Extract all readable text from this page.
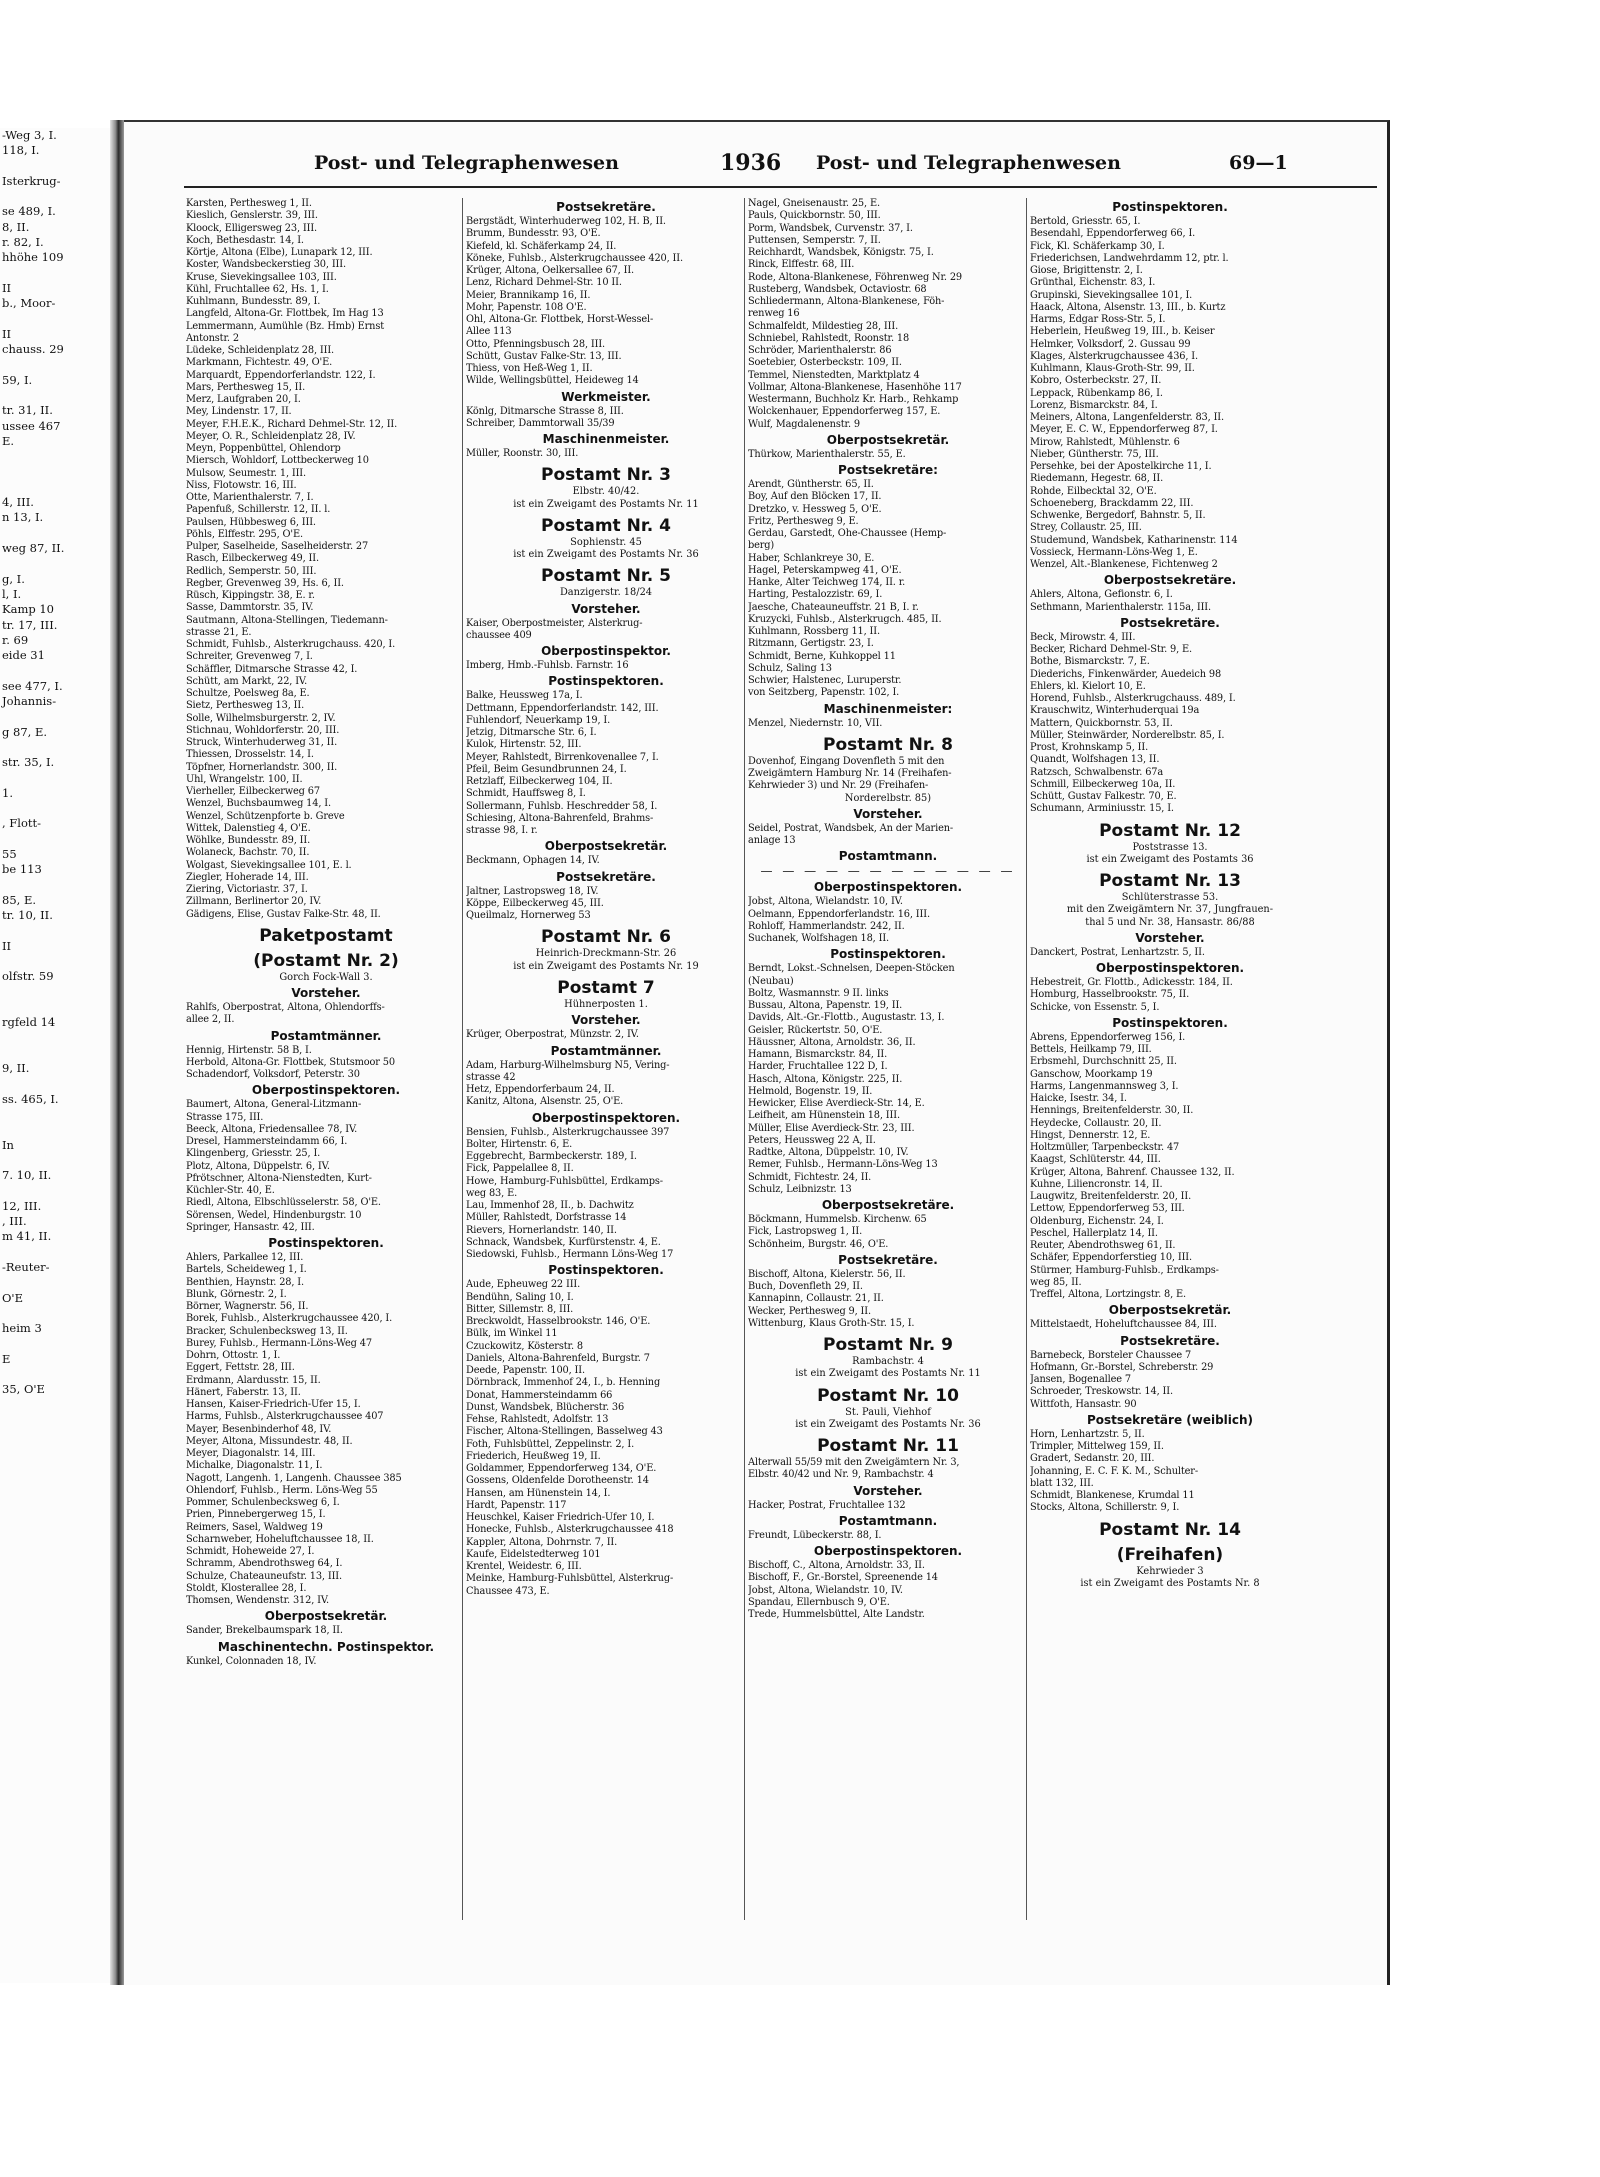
-Weg 3, I.

118, I.

Isterkrug-

se 489, I.

8, II.

r. 82, I.

hhöhe 109

II

b., Moor-

II

chauss. 29

59, I.

tr. 31, II.

ussee 467

E.

4, III.

n 13, I.

weg 87, II.

g, I.

l, I.

Kamp 10

tr. 17, III.

r. 69

eide 31

see 477, I.

Johannis-

g 87, E.

str. 35, I.

1.

, Flott-

55

be 113

85, E.

tr. 10, II.

II

olfstr. 59

rgfeld 14

9, II.

ss. 465, I.

In

7. 10, II.

12, III.

, III.

m 41, II.

-Reuter-

O'E

heim 3

E

35, O'E

Post- und Telegraphenwesen	1936 Post- und Telegraphenwesen	69—1

Karsten, Perthesweg 1, II.

Kieslich, Genslerstr. 39, III.

Kloock, Elligersweg 23, III.

Koch, Bethesdastr. 14, I.

Körtje, Altona (Elbe), Lunapark 12, III.

Koster, Wandsbeckerstieg 30, III.

Kruse, Sievekingsallee 103, III.

Kühl, Fruchtallee 62, Hs. 1, I.

Kuhlmann, Bundesstr. 89, I.

Langfeld, Altona-Gr. Flottbek, Im Hag 13

Lemmermann, Aumühle (Bz. Hmb) Ernst

Antonstr. 2

Lüdeke, Schleidenplatz 28, III.

Markmann, Fichtestr. 49, O'E.

Marquardt, Eppendorferlandstr. 122, I.

Mars, Perthesweg 15, II.

Merz, Laufgraben 20, I.

Mey, Lindenstr. 17, II.

Meyer, F.H.E.K., Richard Dehmel-Str. 12, II.

Meyer, O. R., Schleidenplatz 28, IV.

Meyn, Poppenbüttel, Ohlendorp

Miersch, Wohldorf, Lottbeckerweg 10

Mulsow, Seumestr. 1, III.

Niss, Flotowstr. 16, III.

Otte, Marienthalerstr. 7, I.

Papenfuß, Schillerstr. 12, II. l.

Paulsen, Hübbesweg 6, III.

Pöhls, Elffestr. 295, O'E.

Pulper, Saselheide, Saselheiderstr. 27

Rasch, Eilbeckerweg 49, II.

Redlich, Semperstr. 50, III.

Regber, Grevenweg 39, Hs. 6, II.

Rüsch, Kippingstr. 38, E. r.

Sasse, Dammtorstr. 35, IV.

Sautmann, Altona-Stellingen, Tiedemann-

strasse 21, E.

Schmidt, Fuhlsb., Alsterkrugchauss. 420, I.

Schreiter, Grevenweg 7, I.

Schäffler, Ditmarsche Strasse 42, I.

Schütt, am Markt, 22, IV.

Schultze, Poelsweg 8a, E.

Sietz, Perthesweg 13, II.

Solle, Wilhelmsburgerstr. 2, IV.

Stichnau, Wohldorferstr. 20, III.

Struck, Winterhuderweg 31, II.

Thiessen, Drosselstr. 14, I.

Töpfner, Hornerlandstr. 300, II.

Uhl, Wrangelstr. 100, II.

Vierheller, Eilbeckerweg 67

Wenzel, Buchsbaumweg 14, I.

Wenzel, Schützenpforte b. Greve

Wittek, Dalenstieg 4, O'E.

Wöhlke, Bundesstr. 89, II.

Wolaneck, Bachstr. 70, II.

Wolgast, Sievekingsallee 101, E. l.

Ziegler, Hoherade 14, III.

Ziering, Victoriastr. 37, I.

Zillmann, Berlinertor 20, IV.

Gädigens, Elise, Gustav Falke-Str. 48, II.

Paketpostamt

(Postamt Nr. 2)

Gorch Fock-Wall 3.

Vorsteher.

Rahlfs, Oberpostrat, Altona, Ohlendorffs-

allee 2, II.

Postamtmänner.

Hennig, Hirtenstr. 58 B, I.

Herbold, Altona-Gr. Flottbek, Stutsmoor 50

Schadendorf, Volksdorf, Peterstr. 30

Oberpostinspektoren.

Baumert, Altona, General-Litzmann-

Strasse 175, III.

Beeck, Altona, Friedensallee 78, IV.

Dresel, Hammersteindamm 66, I.

Klingenberg, Griesstr. 25, I.

Plotz, Altona, Düppelstr. 6, IV.

Pfrötschner, Altona-Nienstedten, Kurt-

Küchler-Str. 40, E.

Riedl, Altona, Elbschlüsselerstr. 58, O'E.

Sörensen, Wedel, Hindenburgstr. 10

Springer, Hansastr. 42, III.

Postinspektoren.

Ahlers, Parkallee 12, III.

Bartels, Scheideweg 1, I.

Benthien, Haynstr. 28, I.

Blunk, Görnestr. 2, I.

Börner, Wagnerstr. 56, II.

Borek, Fuhlsb., Alsterkrugchaussee 420, I.

Bracker, Schulenbecksweg 13, II.

Burey, Fuhlsb., Hermann-Löns-Weg 47

Dohrn, Ottostr. 1, I.

Eggert, Fettstr. 28, III.

Erdmann, Alardusstr. 15, II.

Hänert, Faberstr. 13, II.

Hansen, Kaiser-Friedrich-Ufer 15, I.

Harms, Fuhlsb., Alsterkrugchaussee 407

Mayer, Besenbinderhof 48, IV.

Meyer, Altona, Missundestr. 48, II.

Meyer, Diagonalstr. 14, III.

Michalke, Diagonalstr. 11, I.

Nagott, Langenh. 1, Langenh. Chaussee 385

Ohlendorf, Fuhlsb., Herm. Löns-Weg 55

Pommer, Schulenbecksweg 6, I.

Prien, Pinnebergerweg 15, I.

Reimers, Sasel, Waldweg 19

Scharnweber, Hoheluftchaussee 18, II.

Schmidt, Hoheweide 27, I.

Schramm, Abendrothsweg 64, I.

Schulze, Chateauneufstr. 13, III.

Stoldt, Klosterallee 28, I.

Thomsen, Wendenstr. 312, IV.

Oberpostsekretär.

Sander, Brekelbaumspark 18, II.

Maschinentechn. Postinspektor.

Kunkel, Colonnaden 18, IV.

Postsekretäre.

Bergstädt, Winterhuderweg 102, H. B, II.

Brumm, Bundesstr. 93, O'E.

Kiefeld, kl. Schäferkamp 24, II.

Köneke, Fuhlsb., Alsterkrugchaussee 420, II.

Krüger, Altona, Oelkersallee 67, II.

Lenz, Richard Dehmel-Str. 10 II.

Meier, Brannikamp 16, II.

Mohr, Papenstr. 108 O'E.

Ohl, Altona-Gr. Flottbek, Horst-Wessel-

Allee 113

Otto, Pfenningsbusch 28, III.

Schütt, Gustav Falke-Str. 13, III.

Thiess, von Heß-Weg 1, II.

Wilde, Wellingsbüttel, Heideweg 14

Werkmeister.

Könlg, Ditmarsche Strasse 8, III.

Schreiber, Dammtorwall 35/39

Maschinenmeister.

Müller, Roonstr. 30, III.

Postamt Nr. 3

Elbstr. 40/42.

ist ein Zweigamt des Postamts Nr. 11

Postamt Nr. 4

Sophienstr. 45

ist ein Zweigamt des Postamts Nr. 36

Postamt Nr. 5

Danzigerstr. 18/24

Vorsteher.

Kaiser, Oberpostmeister, Alsterkrug-

chaussee 409

Oberpostinspektor.

Imberg, Hmb.-Fuhlsb. Farnstr. 16

Postinspektoren.

Balke, Heussweg 17a, I.

Dettmann, Eppendorferlandstr. 142, III.

Fuhlendorf, Neuerkamp 19, I.

Jetzig, Ditmarsche Str. 6, I.

Kulok, Hirtenstr. 52, III.

Meyer, Rahlstedt, Birrenkovenallee 7, I.

Pfeil, Beim Gesundbrunnen 24, I.

Retzlaff, Eilbeckerweg 104, II.

Schmidt, Hauffsweg 8, I.

Sollermann, Fuhlsb. Heschredder 58, I.

Schiesing, Altona-Bahrenfeld, Brahms-

strasse 98, I. r.

Oberpostsekretär.

Beckmann, Ophagen 14, IV.

Postsekretäre.

Jaltner, Lastropsweg 18, IV.

Köppe, Eilbeckerweg 45, III.

Queilmalz, Hornerweg 53

Postamt Nr. 6

Heinrich-Dreckmann-Str. 26

ist ein Zweigamt des Postamts Nr. 19

Postamt 7

Hühnerposten 1.

Vorsteher.

Krüger, Oberpostrat, Münzstr. 2, IV.

Postamtmänner.

Adam, Harburg-Wilhelmsburg N5, Vering-

strasse 42

Hetz, Eppendorferbaum 24, II.

Kanitz, Altona, Alsenstr. 25, O'E.

Oberpostinspektoren.

Bensien, Fuhlsb., Alsterkrugchaussee 397

Bolter, Hirtenstr. 6, E.

Eggebrecht, Barmbeckerstr. 189, I.

Fick, Pappelallee 8, II.

Howe, Hamburg-Fuhlsbüttel, Erdkamps-

weg 83, E.

Lau, Immenhof 28, II., b. Dachwitz

Müller, Rahlstedt, Dorfstrasse 14

Rievers, Hornerlandstr. 140, II.

Schnack, Wandsbek, Kurfürstenstr. 4, E.

Siedowski, Fuhlsb., Hermann Löns-Weg 17

Postinspektoren.

Aude, Epheuweg 22 III.

Bendühn, Saling 10, I.

Bitter, Sillemstr. 8, III.

Breckwoldt, Hasselbrookstr. 146, O'E.

Bülk, im Winkel 11

Czuckowitz, Kösterstr. 8

Daniels, Altona-Bahrenfeld, Burgstr. 7

Deede, Papenstr. 100, II.

Dörnbrack, Immenhof 24, I., b. Henning

Donat, Hammersteindamm 66

Dunst, Wandsbek, Blücherstr. 36

Fehse, Rahlstedt, Adolfstr. 13

Fischer, Altona-Stellingen, Basselweg 43

Foth, Fuhlsbüttel, Zeppelinstr. 2, I.

Friederich, Heußweg 19, II.

Goldammer, Eppendorferweg 134, O'E.

Gossens, Oldenfelde Dorotheenstr. 14

Hansen, am Hünenstein 14, I.

Hardt, Papenstr. 117

Heuschkel, Kaiser Friedrich-Ufer 10, I.

Honecke, Fuhlsb., Alsterkrugchaussee 418

Kappler, Altona, Dohrnstr. 7, II.

Kaufe, Eidelstedterweg 101

Krentel, Weidestr. 6, III.

Meinke, Hamburg-Fuhlsbüttel, Alsterkrug-

Chaussee 473, E.

Nagel, Gneisenaustr. 25, E.

Pauls, Quickbornstr. 50, III.

Porm, Wandsbek, Curvenstr. 37, I.

Puttensen, Semperstr. 7, II.

Reichhardt, Wandsbek, Königstr. 75, I.

Rinck, Elffestr. 68, III.

Rode, Altona-Blankenese, Föhrenweg Nr. 29

Rusteberg, Wandsbek, Octaviostr. 68

Schliedermann, Altona-Blankenese, Föh-

renweg 16

Schmalfeldt, Mildestieg 28, III.

Schniebel, Rahlstedt, Roonstr. 18

Schröder, Marienthalerstr. 86

Soetebier, Osterbeckstr. 109, II.

Temmel, Nienstedten, Marktplatz 4

Vollmar, Altona-Blankenese, Hasenhöhe 117

Westermann, Buchholz Kr. Harb., Rehkamp

Wolckenhauer, Eppendorferweg 157, E.

Wulf, Magdalenenstr. 9

Oberpostsekretär.

Thürkow, Marienthalerstr. 55, E.

Postsekretäre:

Arendt, Güntherstr. 65, II.

Boy, Auf den Blöcken 17, II.

Dretzko, v. Hessweg 5, O'E.

Fritz, Perthesweg 9, E.

Gerdau, Garstedt, Ohe-Chaussee (Hemp-

berg)

Haber, Schlankreye 30, E.

Hagel, Peterskampweg 41, O'E.

Hanke, Alter Teichweg 174, II. r.

Harting, Pestalozzistr. 69, I.

Jaesche, Chateauneuffstr. 21 B, I. r.

Kruzycki, Fuhlsb., Alsterkrugch. 485, II.

Kuhlmann, Rossberg 11, II.

Ritzmann, Gertigstr. 23, I.

Schmidt, Berne, Kuhkoppel 11

Schulz, Saling 13

Schwier, Halstenec, Luruperstr.

von Seitzberg, Papenstr. 102, I.

Maschinenmeister:

Menzel, Niedernstr. 10, VII.

Postamt Nr. 8

Dovenhof, Eingang Dovenfleth 5 mit den

Zweigämtern Hamburg Nr. 14 (Freihafen-

Kehrwieder 3) und Nr. 29 (Freihafen-

Norderelbstr. 85)

Vorsteher.

Seidel, Postrat, Wandsbek, An der Marien-

anlage 13

Postamtmann.

— — — — — — — — — — — —

Oberpostinspektoren.

Jobst, Altona, Wielandstr. 10, IV.

Oelmann, Eppendorferlandstr. 16, III.

Rohloff, Hammerlandstr. 242, II.

Suchanek, Wolfshagen 18, II.

Postinspektoren.

Berndt, Lokst.-Schnelsen, Deepen-Stöcken

(Neubau)

Boltz, Wasmannstr. 9 II. links

Bussau, Altona, Papenstr. 19, II.

Davids, Alt.-Gr.-Flottb., Augustastr. 13, I.

Geisler, Rückertstr. 50, O'E.

Häussner, Altona, Arnoldstr. 36, II.

Hamann, Bismarckstr. 84, II.

Harder, Fruchtallee 122 D, I.

Hasch, Altona, Königstr. 225, II.

Helmold, Bogenstr. 19, II.

Hewicker, Elise Averdieck-Str. 14, E.

Leifheit, am Hünenstein 18, III.

Müller, Elise Averdieck-Str. 23, III.

Peters, Heussweg 22 A, II.

Radtke, Altona, Düppelstr. 10, IV.

Remer, Fuhlsb., Hermann-Löns-Weg 13

Schmidt, Fichtestr. 24, II.

Schulz, Leibnizstr. 13

Oberpostsekretäre.

Böckmann, Hummelsb. Kirchenw. 65

Fick, Lastropsweg 1, II.

Schönheim, Burgstr. 46, O'E.

Postsekretäre.

Bischoff, Altona, Kielerstr. 56, II.

Buch, Dovenfleth 29, II.

Kannapinn, Collaustr. 21, II.

Wecker, Perthesweg 9, II.

Wittenburg, Klaus Groth-Str. 15, I.

Postamt Nr. 9

Rambachstr. 4

ist ein Zweigamt des Postamts Nr. 11

Postamt Nr. 10

St. Pauli, Viehhof

ist ein Zweigamt des Postamts Nr. 36

Postamt Nr. 11

Alterwall 55/59 mit den Zweigämtern Nr. 3,

Elbstr. 40/42 und Nr. 9, Rambachstr. 4

Vorsteher.

Hacker, Postrat, Fruchtallee 132

Postamtmann.

Freundt, Lübeckerstr. 88, I.

Oberpostinspektoren.

Bischoff, C., Altona, Arnoldstr. 33, II.

Bischoff, F., Gr.-Borstel, Spreenende 14

Jobst, Altona, Wielandstr. 10, IV.

Spandau, Ellernbusch 9, O'E.

Trede, Hummelsbüttel, Alte Landstr.

Postinspektoren.

Bertold, Griesstr. 65, I.

Besendahl, Eppendorferweg 66, I.

Fick, Kl. Schäferkamp 30, I.

Friederichsen, Landwehrdamm 12, ptr. l.

Giose, Brigittenstr. 2, I.

Grünthal, Eichenstr. 83, I.

Grupinski, Sievekingsallee 101, I.

Haack, Altona, Alsenstr. 13, III., b. Kurtz

Harms, Edgar Ross-Str. 5, I.

Heberlein, Heußweg 19, III., b. Keiser

Helmker, Volksdorf, 2. Gussau 99

Klages, Alsterkrugchaussee 436, I.

Kuhlmann, Klaus-Groth-Str. 99, II.

Kobro, Osterbeckstr. 27, II.

Leppack, Rübenkamp 86, I.

Lorenz, Bismarckstr. 84, I.

Meiners, Altona, Langenfelderstr. 83, II.

Meyer, E. C. W., Eppendorferweg 87, I.

Mirow, Rahlstedt, Mühlenstr. 6

Nieber, Güntherstr. 75, III.

Persehke, bei der Apostelkirche 11, I.

Riedemann, Hegestr. 68, II.

Rohde, Eilbecktal 32, O'E.

Schoeneberg, Brackdamm 22, III.

Schwenke, Bergedorf, Bahnstr. 5, II.

Strey, Collaustr. 25, III.

Studemund, Wandsbek, Katharinenstr. 114

Vossieck, Hermann-Löns-Weg 1, E.

Wenzel, Alt.-Blankenese, Fichtenweg 2

Oberpostsekretäre.

Ahlers, Altona, Gefionstr. 6, I.

Sethmann, Marienthalerstr. 115a, III.

Postsekretäre.

Beck, Mirowstr. 4, III.

Becker, Richard Dehmel-Str. 9, E.

Bothe, Bismarckstr. 7, E.

Diederichs, Finkenwärder, Auedeich 98

Ehlers, kl. Kielort 10, E.

Horend, Fuhlsb., Alsterkrugchauss. 489, I.

Krauschwitz, Winterhuderquai 19a

Mattern, Quickbornstr. 53, II.

Müller, Steinwärder, Norderelbstr. 85, I.

Prost, Krohnskamp 5, II.

Quandt, Wolfshagen 13, II.

Ratzsch, Schwalbenstr. 67a

Schmill, Eilbeckerweg 10a, II.

Schütt, Gustav Falkestr. 70, E.

Schumann, Arminiusstr. 15, I.

Postamt Nr. 12

Poststrasse 13.

ist ein Zweigamt des Postamts 36

Postamt Nr. 13

Schlüterstrasse 53.

mit den Zweigämtern Nr. 37, Jungfrauen-

thal 5 und Nr. 38, Hansastr. 86/88

Vorsteher.

Danckert, Postrat, Lenhartzstr. 5, II.

Oberpostinspektoren.

Hebestreit, Gr. Flottb., Adickesstr. 184, II.

Homburg, Hasselbrookstr. 75, II.

Schicke, von Essenstr. 5, I.

Postinspektoren.

Abrens, Eppendorferweg 156, I.

Bettels, Heilkamp 79, III.

Erbsmehl, Durchschnitt 25, II.

Ganschow, Moorkamp 19

Harms, Langenmannsweg 3, I.

Haicke, Isestr. 34, I.

Hennings, Breitenfelderstr. 30, II.

Heydecke, Collaustr. 20, II.

Hingst, Dennerstr. 12, E.

Holtzmüller, Tarpenbeckstr. 47

Kaagst, Schlüterstr. 44, III.

Krüger, Altona, Bahrenf. Chaussee 132, II.

Kuhne, Liliencronstr. 14, II.

Laugwitz, Breitenfelderstr. 20, II.

Lettow, Eppendorferweg 53, III.

Oldenburg, Eichenstr. 24, I.

Peschel, Hallerplatz 14, II.

Reuter, Abendrothsweg 61, II.

Schäfer, Eppendorferstieg 10, III.

Stürmer, Hamburg-Fuhlsb., Erdkamps-

weg 85, II.

Treffel, Altona, Lortzingstr. 8, E.

Oberpostsekretär.

Mittelstaedt, Hoheluftchaussee 84, III.

Postsekretäre.

Barnebeck, Borsteler Chaussee 7

Hofmann, Gr.-Borstel, Schreberstr. 29

Jansen, Bogenallee 7

Schroeder, Treskowstr. 14, II.

Wittfoth, Hansastr. 90

Postsekretäre (weiblich)

Horn, Lenhartzstr. 5, II.

Trimpler, Mittelweg 159, II.

Gradert, Sedanstr. 20, III.

Johanning, E. C. F. K. M., Schulter-

blatt 132, III.

Schmidt, Blankenese, Krumdal 11

Stocks, Altona, Schillerstr. 9, I.

Postamt Nr. 14

(Freihafen)

Kehrwieder 3

ist ein Zweigamt des Postamts Nr. 8
